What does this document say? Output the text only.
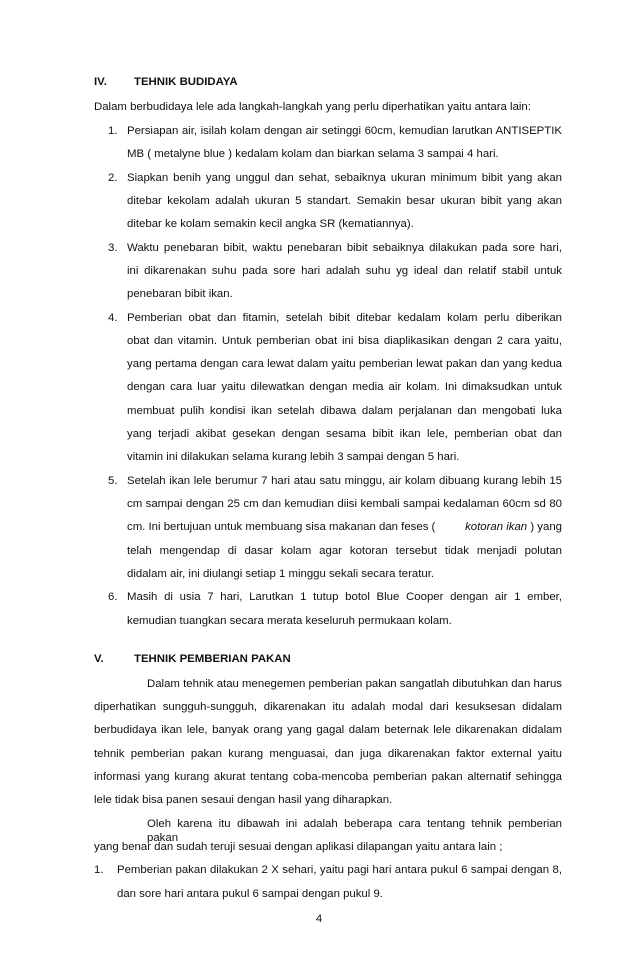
IV. TEHNIK BUDIDAYA
Dalam berbudidaya lele ada langkah-langkah yang perlu diperhatikan yaitu antara lain:
1. Persiapan air, isilah kolam dengan air setinggi 60cm, kemudian larutkan ANTISEPTIK
MB ( metalyne blue ) kedalam kolam dan biarkan selama 3 sampai 4 hari.
2. Siapkan benih yang unggul dan sehat, sebaiknya ukuran minimum bibit yang akan
ditebar kekolam adalah ukuran 5 standart. Semakin besar ukuran bibit yang akan
ditebar ke kolam semakin kecil angka SR (kematiannya).
3. Waktu penebaran bibit, waktu penebaran bibit sebaiknya dilakukan pada sore hari,
ini dikarenakan suhu pada sore hari adalah suhu yg ideal dan relatif stabil untuk
penebaran bibit ikan.
4. Pemberian obat dan fitamin, setelah bibit ditebar kedalam kolam perlu diberikan
obat dan vitamin. Untuk pemberian obat ini bisa diaplikasikan dengan 2 cara yaitu,
yang pertama dengan cara lewat dalam yaitu pemberian lewat pakan dan yang kedua
dengan cara luar yaitu dilewatkan dengan media air kolam. Ini dimaksudkan untuk
membuat pulih kondisi ikan setelah dibawa dalam perjalanan dan mengobati luka
yang terjadi akibat gesekan dengan sesama bibit ikan lele, pemberian obat dan
vitamin ini dilakukan selama kurang lebih 3 sampai dengan 5 hari.
5. Setelah ikan lele berumur 7 hari atau satu minggu, air kolam dibuang kurang lebih 15
cm sampai dengan 25 cm dan kemudian diisi kembali sampai kedalaman 60cm sd 80
cm. Ini bertujuan untuk membuang sisa makanan dan feses (	kotoran ikan ) yang
telah mengendap di dasar kolam agar kotoran tersebut tidak menjadi polutan
didalam air, ini diulangi setiap 1 minggu sekali secara teratur.
6. Masih di usia 7 hari, Larutkan 1 tutup botol Blue Cooper dengan air 1 ember,
kemudian tuangkan secara merata keseluruh permukaan kolam.
V.	TEHNIK PEMBERIAN PAKAN
Dalam tehnik atau menegemen pemberian pakan sangatlah dibutuhkan dan harus
diperhatikan sungguh-sungguh, dikarenakan itu adalah modal dari kesuksesan didalam
berbudidaya ikan lele, banyak orang yang gagal dalam beternak lele dikarenakan didalam
tehnik pemberian pakan kurang menguasai, dan juga dikarenakan faktor external yaitu
informasi yang kurang akurat tentang coba-mencoba pemberian pakan alternatif sehingga
lele tidak bisa panen sesaui dengan hasil yang diharapkan.
Oleh karena itu dibawah ini adalah beberapa cara tentang tehnik pemberian pakan
yang benar dan sudah teruji sesuai dengan aplikasi dilapangan yaitu antara lain ;
1. Pemberian pakan dilakukan 2 X sehari, yaitu pagi hari antara pukul 6 sampai dengan 8,
dan sore hari antara pukul 6 sampai dengan pukul 9.
4
